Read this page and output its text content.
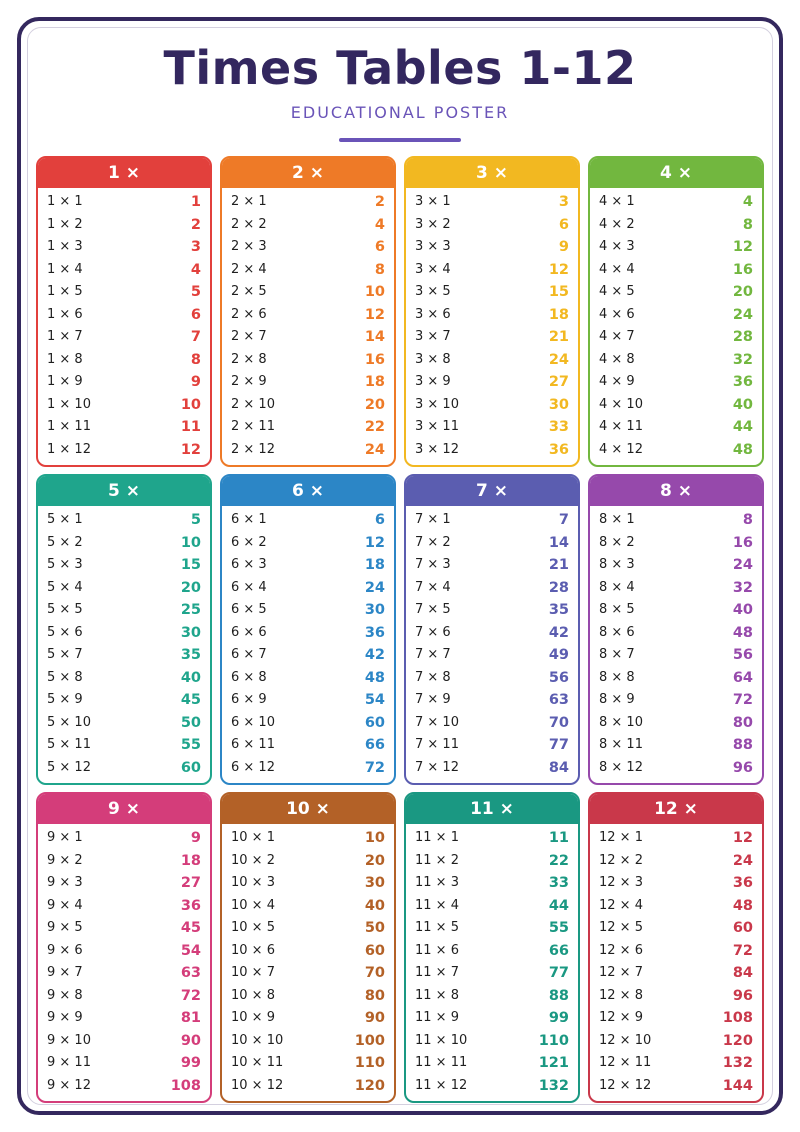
Times Tables 1-12
EDUCATIONAL POSTER
1 ×
1 × 1	1
1 × 2	2
1 × 3	3
1 × 4	4
1 × 5	5
1 × 6	6
1 × 7	7
1 × 8	8
1 × 9	9
1 × 10	10
1 × 11	11
1 × 12	12
2 ×
2 × 1	2
2 × 2	4
2 × 3	6
2 × 4	8
2 × 5	10
2 × 6	12
2 × 7	14
2 × 8	16
2 × 9	18
2 × 10	20
2 × 11	22
2 × 12	24
3 ×
3 × 1	3
3 × 2	6
3 × 3	9
3 × 4	12
3 × 5	15
3 × 6	18
3 × 7	21
3 × 8	24
3 × 9	27
3 × 10	30
3 × 11	33
3 × 12	36
4 ×
4 × 1	4
4 × 2	8
4 × 3	12
4 × 4	16
4 × 5	20
4 × 6	24
4 × 7	28
4 × 8	32
4 × 9	36
4 × 10	40
4 × 11	44
4 × 12	48
5 ×
5 × 1	5
5 × 2	10
5 × 3	15
5 × 4	20
5 × 5	25
5 × 6	30
5 × 7	35
5 × 8	40
5 × 9	45
5 × 10	50
5 × 11	55
5 × 12	60
6 ×
6 × 1	6
6 × 2	12
6 × 3	18
6 × 4	24
6 × 5	30
6 × 6	36
6 × 7	42
6 × 8	48
6 × 9	54
6 × 10	60
6 × 11	66
6 × 12	72
7 ×
7 × 1	7
7 × 2	14
7 × 3	21
7 × 4	28
7 × 5	35
7 × 6	42
7 × 7	49
7 × 8	56
7 × 9	63
7 × 10	70
7 × 11	77
7 × 12	84
8 ×
8 × 1	8
8 × 2	16
8 × 3	24
8 × 4	32
8 × 5	40
8 × 6	48
8 × 7	56
8 × 8	64
8 × 9	72
8 × 10	80
8 × 11	88
8 × 12	96
9 ×
9 × 1	9
9 × 2	18
9 × 3	27
9 × 4	36
9 × 5	45
9 × 6	54
9 × 7	63
9 × 8	72
9 × 9	81
9 × 10	90
9 × 11	99
9 × 12	108
10 ×
10 × 1	10
10 × 2	20
10 × 3	30
10 × 4	40
10 × 5	50
10 × 6	60
10 × 7	70
10 × 8	80
10 × 9	90
10 × 10	100
10 × 11	110
10 × 12	120
11 ×
11 × 1	11
11 × 2	22
11 × 3	33
11 × 4	44
11 × 5	55
11 × 6	66
11 × 7	77
11 × 8	88
11 × 9	99
11 × 10	110
11 × 11	121
11 × 12	132
12 ×
12 × 1	12
12 × 2	24
12 × 3	36
12 × 4	48
12 × 5	60
12 × 6	72
12 × 7	84
12 × 8	96
12 × 9	108
12 × 10	120
12 × 11	132
12 × 12	144
